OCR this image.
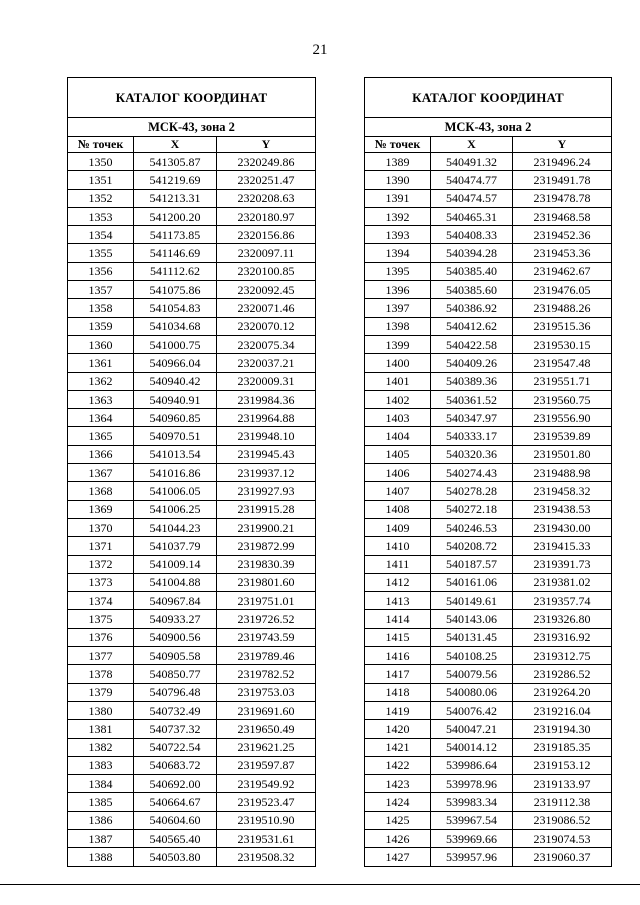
21
КАТАЛОГ КООРДИНАТ		
МСК-43, зона 2		
№ точек	X	Y
1350	541305.87	2320249.86
1351	541219.69	2320251.47
1352	541213.31	2320208.63
1353	541200.20	2320180.97
1354	541173.85	2320156.86
1355	541146.69	2320097.11
1356	541112.62	2320100.85
1357	541075.86	2320092.45
1358	541054.83	2320071.46
1359	541034.68	2320070.12
1360	541000.75	2320075.34
1361	540966.04	2320037.21
1362	540940.42	2320009.31
1363	540940.91	2319984.36
1364	540960.85	2319964.88
1365	540970.51	2319948.10
1366	541013.54	2319945.43
1367	541016.86	2319937.12
1368	541006.05	2319927.93
1369	541006.25	2319915.28
1370	541044.23	2319900.21
1371	541037.79	2319872.99
1372	541009.14	2319830.39
1373	541004.88	2319801.60
1374	540967.84	2319751.01
1375	540933.27	2319726.52
1376	540900.56	2319743.59
1377	540905.58	2319789.46
1378	540850.77	2319782.52
1379	540796.48	2319753.03
1380	540732.49	2319691.60
1381	540737.32	2319650.49
1382	540722.54	2319621.25
1383	540683.72	2319597.87
1384	540692.00	2319549.92
1385	540664.67	2319523.47
1386	540604.60	2319510.90
1387	540565.40	2319531.61
1388	540503.80	2319508.32
КАТАЛОГ КООРДИНАТ		
МСК-43, зона 2		
№ точек	X	Y
1389	540491.32	2319496.24
1390	540474.77	2319491.78
1391	540474.57	2319478.78
1392	540465.31	2319468.58
1393	540408.33	2319452.36
1394	540394.28	2319453.36
1395	540385.40	2319462.67
1396	540385.60	2319476.05
1397	540386.92	2319488.26
1398	540412.62	2319515.36
1399	540422.58	2319530.15
1400	540409.26	2319547.48
1401	540389.36	2319551.71
1402	540361.52	2319560.75
1403	540347.97	2319556.90
1404	540333.17	2319539.89
1405	540320.36	2319501.80
1406	540274.43	2319488.98
1407	540278.28	2319458.32
1408	540272.18	2319438.53
1409	540246.53	2319430.00
1410	540208.72	2319415.33
1411	540187.57	2319391.73
1412	540161.06	2319381.02
1413	540149.61	2319357.74
1414	540143.06	2319326.80
1415	540131.45	2319316.92
1416	540108.25	2319312.75
1417	540079.56	2319286.52
1418	540080.06	2319264.20
1419	540076.42	2319216.04
1420	540047.21	2319194.30
1421	540014.12	2319185.35
1422	539986.64	2319153.12
1423	539978.96	2319133.97
1424	539983.34	2319112.38
1425	539967.54	2319086.52
1426	539969.66	2319074.53
1427	539957.96	2319060.37
